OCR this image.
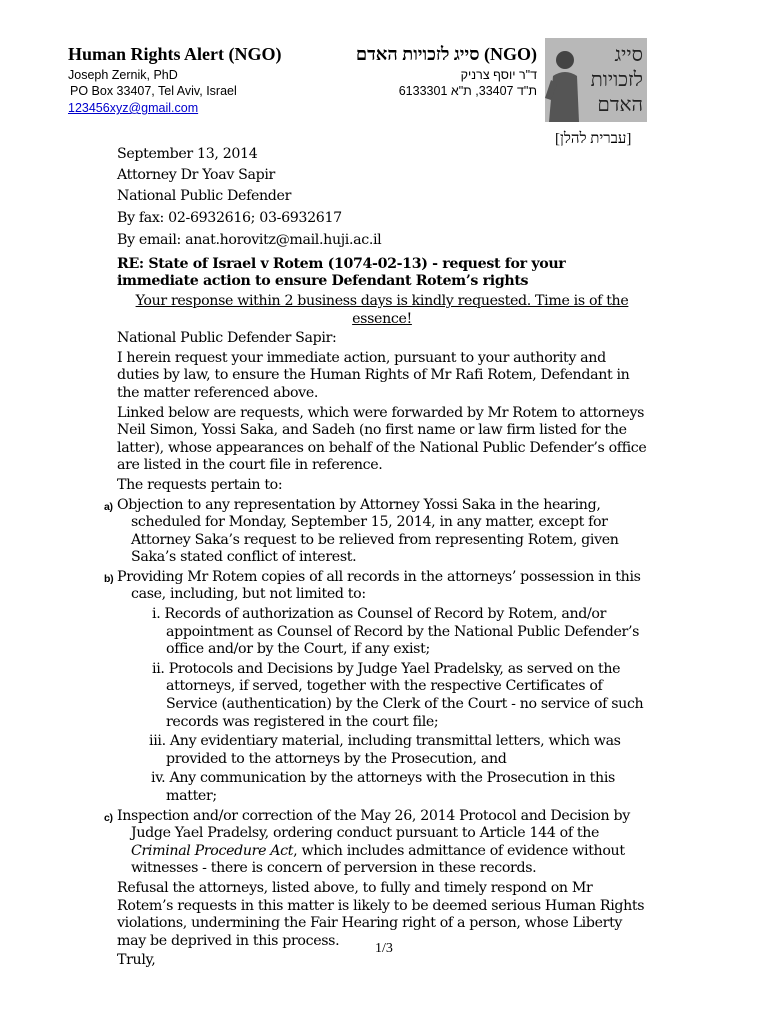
Human Rights Alert (NGO)	(NGO) סייג לזכויות האדם
Joseph Zernik, PhD
PO Box 33407, Tel Aviv, Israel
123456xyz@gmail.com
ד"ר יוסף צרניק
ת"ד 33407, ת"א 6133301
סייג
לזכויות
האדם
[עברית להלן]

September 13, 2014

Attorney Dr Yoav Sapir

National Public Defender

By fax: 02-6932616; 03-6932617

By email: anat.horovitz@mail.huji.ac.il

RE: State of Israel v Rotem (1074-02-13) - request for your immediate action to ensure Defendant Rotem’s rights

Your response within 2 business days is kindly requested. Time is of the essence!

National Public Defender Sapir:

I herein request your immediate action, pursuant to your authority and duties by law, to ensure the Human Rights of Mr Rafi Rotem, Defendant in the matter referenced above.

Linked below are requests, which were forwarded by Mr Rotem to attorneys Neil Simon, Yossi Saka, and Sadeh (no first name or law firm listed for the latter), whose appearances on behalf of the National Public Defender’s office are listed in the court file in reference.

The requests pertain to:

a) Objection to any representation by Attorney Yossi Saka in the hearing, scheduled for Monday, September 15, 2014, in any matter, except for Attorney Saka’s request to be relieved from representing Rotem, given Saka’s stated conflict of interest.

b) Providing Mr Rotem copies of all records in the attorneys’ possession in this case, including, but not limited to:

i. Records of authorization as Counsel of Record by Rotem, and/or appointment as Counsel of Record by the National Public Defender’s office and/or by the Court, if any exist;

ii. Protocols and Decisions by Judge Yael Pradelsky, as served on the attorneys, if served, together with the respective Certificates of Service (authentication) by the Clerk of the Court - no service of such records was registered in the court file;

iii. Any evidentiary material, including transmittal letters, which was provided to the attorneys by the Prosecution, and

iv. Any communication by the attorneys with the Prosecution in this matter;

c) Inspection and/or correction of the May 26, 2014 Protocol and Decision by Judge Yael Pradelsy, ordering conduct pursuant to Article 144 of the Criminal Procedure Act, which includes admittance of evidence without witnesses - there is concern of perversion in these records.

Refusal the attorneys, listed above, to fully and timely respond on Mr Rotem’s requests in this matter is likely to be deemed serious Human Rights violations, undermining the Fair Hearing right of a person, whose Liberty may be deprived in this process.

Truly,

1/3
